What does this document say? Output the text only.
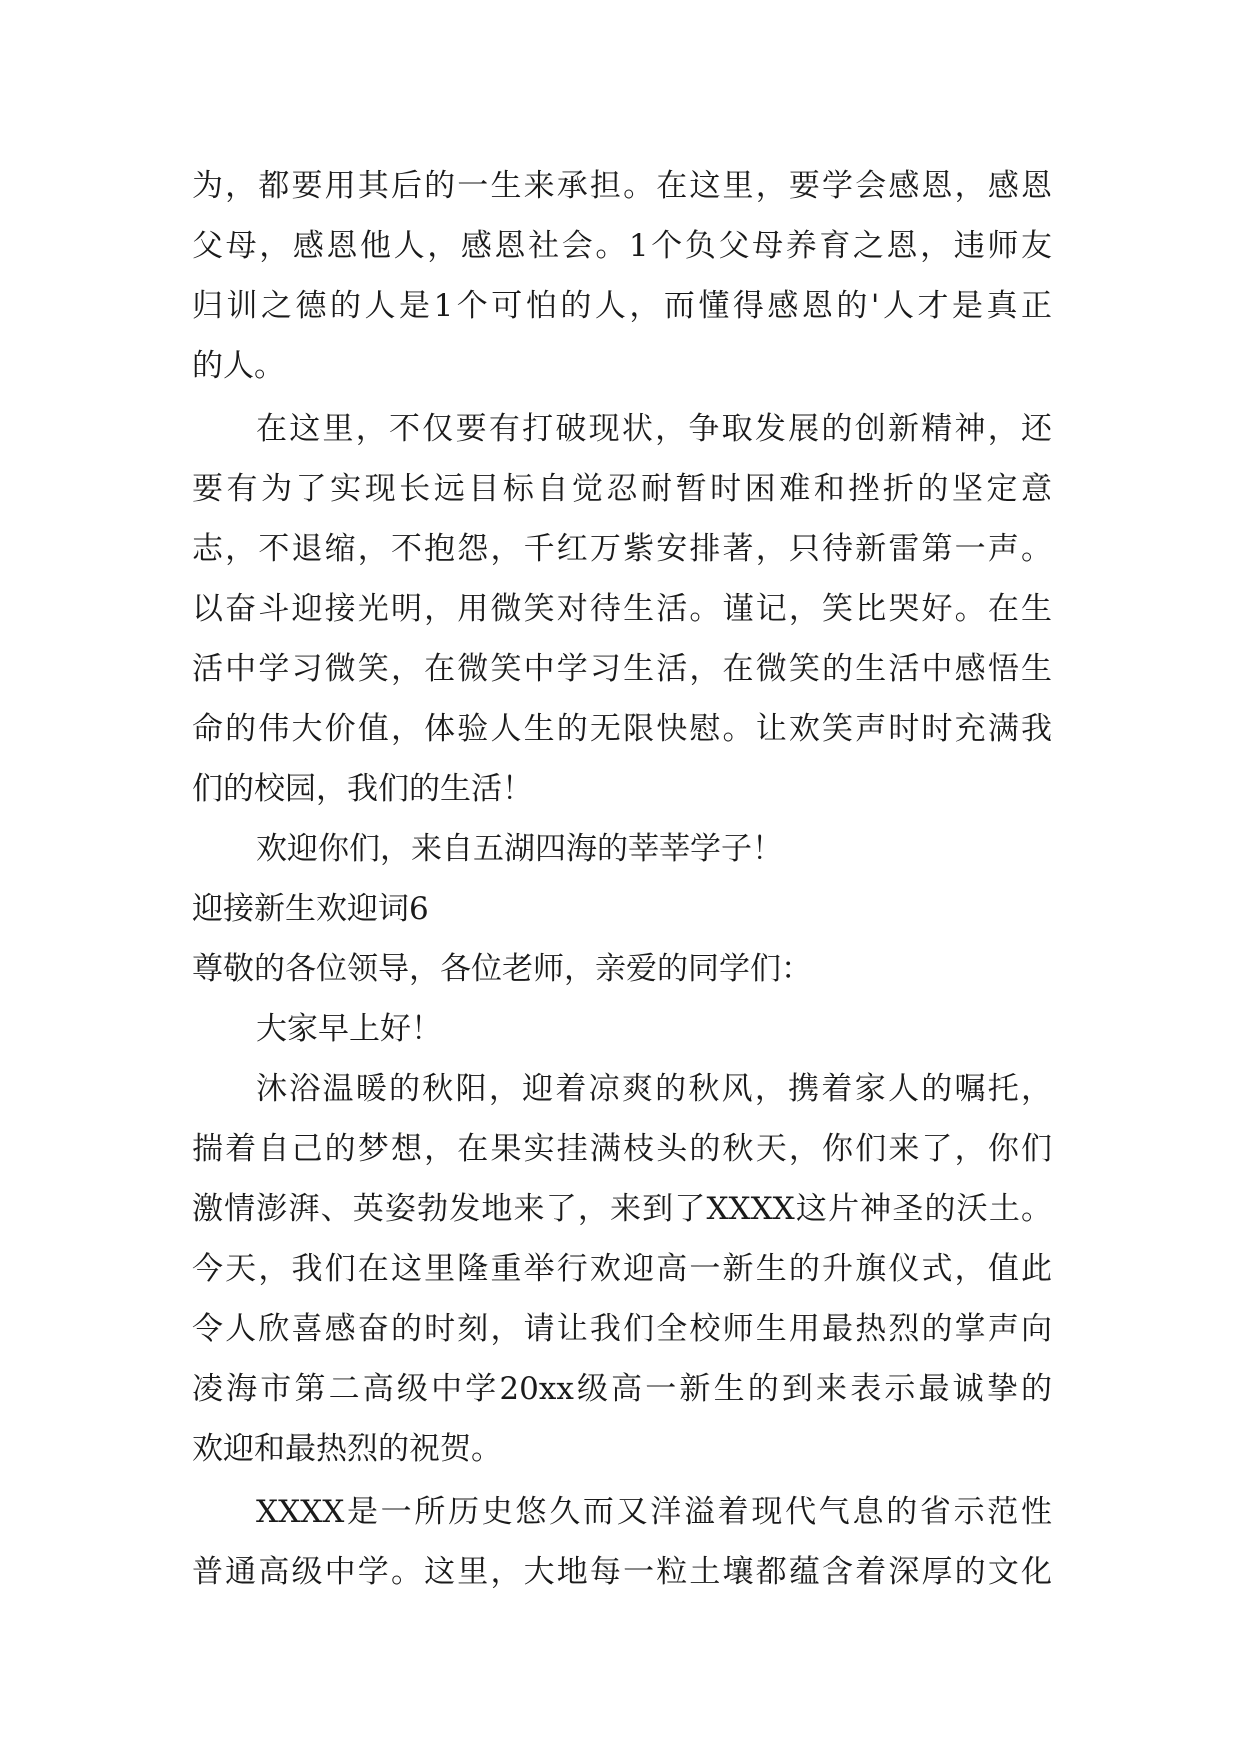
为，都要用其后的一生来承担。在这里，要学会感恩，感恩
父母，感恩他人，感恩社会。1个负父母养育之恩，违师友
归训之德的人是1个可怕的人，而懂得感恩的'人才是真正
的人。
在这里，不仅要有打破现状，争取发展的创新精神，还
要有为了实现长远目标自觉忍耐暂时困难和挫折的坚定意
志，不退缩，不抱怨，千红万紫安排著，只待新雷第一声。
以奋斗迎接光明，用微笑对待生活。谨记，笑比哭好。在生
活中学习微笑，在微笑中学习生活，在微笑的生活中感悟生
命的伟大价值，体验人生的无限快慰。让欢笑声时时充满我
们的校园，我们的生活！
欢迎你们，来自五湖四海的莘莘学子！
迎接新生欢迎词6
尊敬的各位领导，各位老师，亲爱的同学们：
大家早上好！
沐浴温暖的秋阳，迎着凉爽的秋风，携着家人的嘱托，
揣着自己的梦想，在果实挂满枝头的秋天，你们来了，你们
激情澎湃、英姿勃发地来了，来到了XXXX这片神圣的沃土。
今天，我们在这里隆重举行欢迎高一新生的升旗仪式，值此
令人欣喜感奋的时刻，请让我们全校师生用最热烈的掌声向
凌海市第二高级中学20xx级高一新生的到来表示最诚挚的
欢迎和最热烈的祝贺。
XXXX是一所历史悠久而又洋溢着现代气息的省示范性
普通高级中学。这里，大地每一粒土壤都蕴含着深厚的文化
